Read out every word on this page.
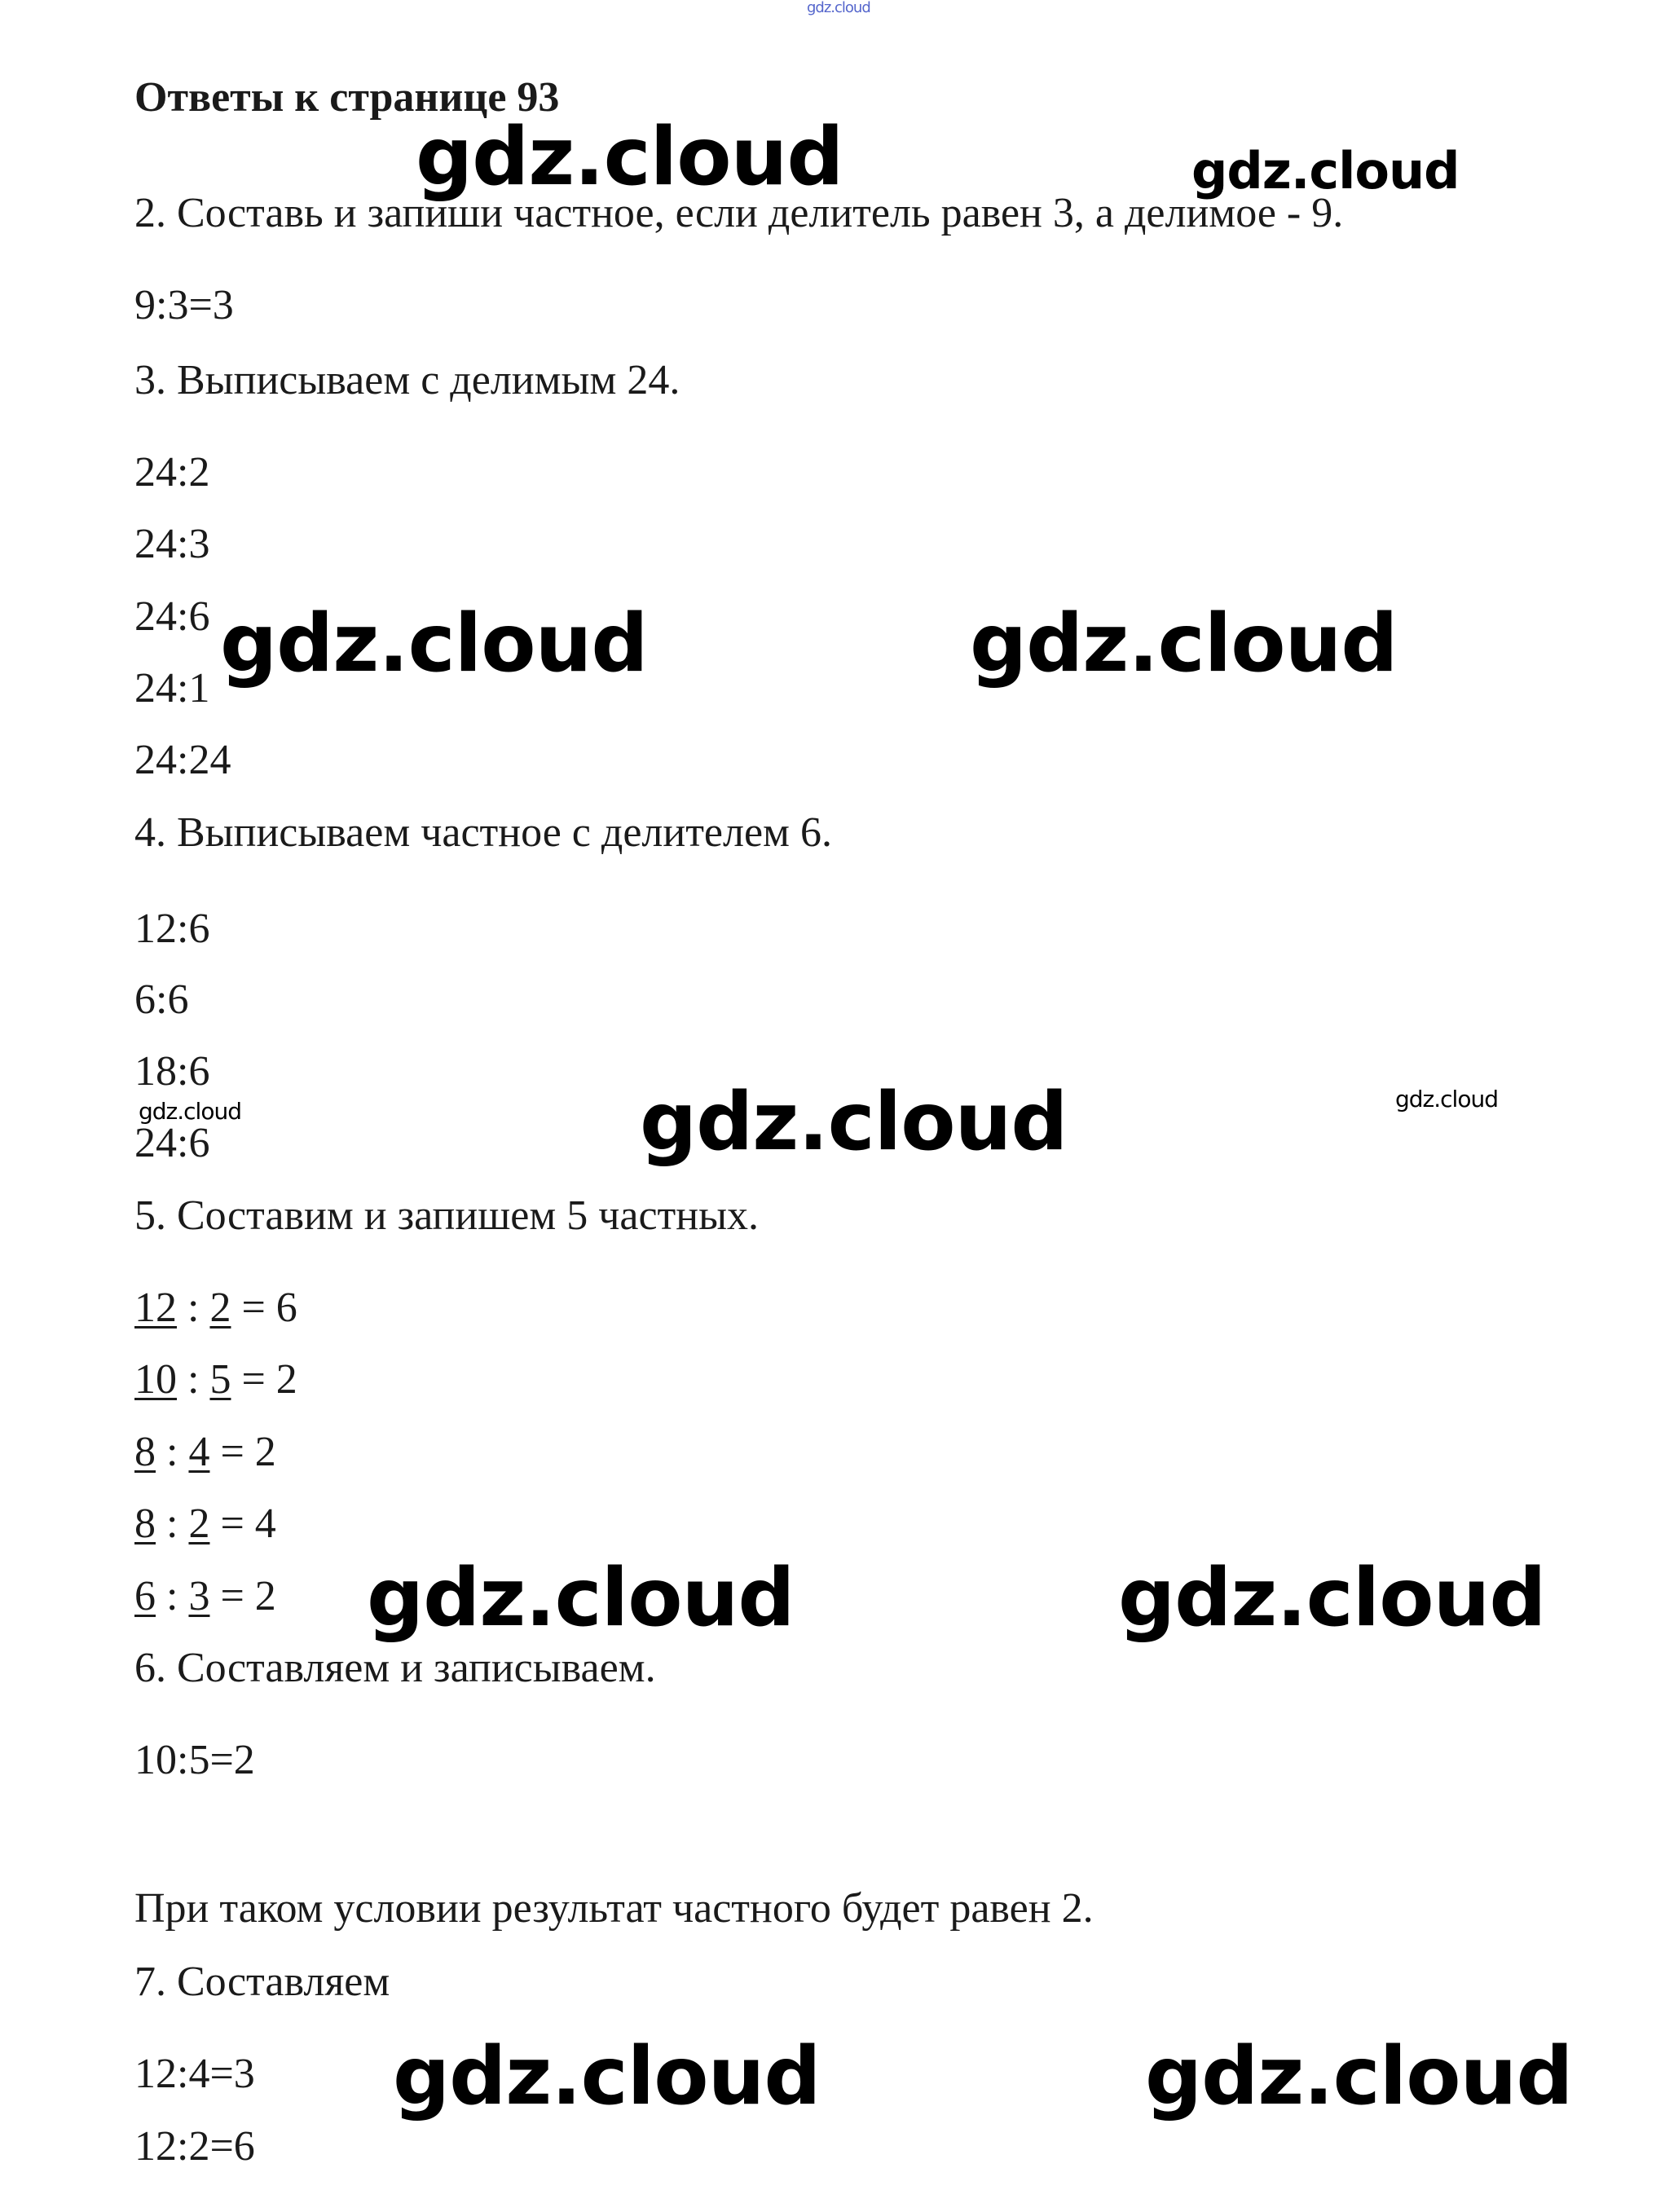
gdz.cloud
Ответы к странице 93
2. Составь и запиши частное, если делитель равен 3, а делимое - 9.
9:3=3
3. Выписываем с делимым 24.
24:2
24:3
24:6
24:1
24:24
4. Выписываем частное с делителем 6.
12:6
6:6
18:6
24:6
5. Составим и запишем 5 частных.
12 : 2 = 6
10 : 5 = 2
8 : 4 = 2
8 : 2 = 4
6 : 3 = 2
6. Составляем и записываем.
10:5=2
При таком условии результат частного будет равен 2.
7. Составляем
12:4=3
12:2=6
gdz.cloud	gdz.cloud
gdz.cloud	gdz.cloud
gdz.cloud	gdz.cloud	gdz.cloud
gdz.cloud	gdz.cloud
gdz.cloud	gdz.cloud
